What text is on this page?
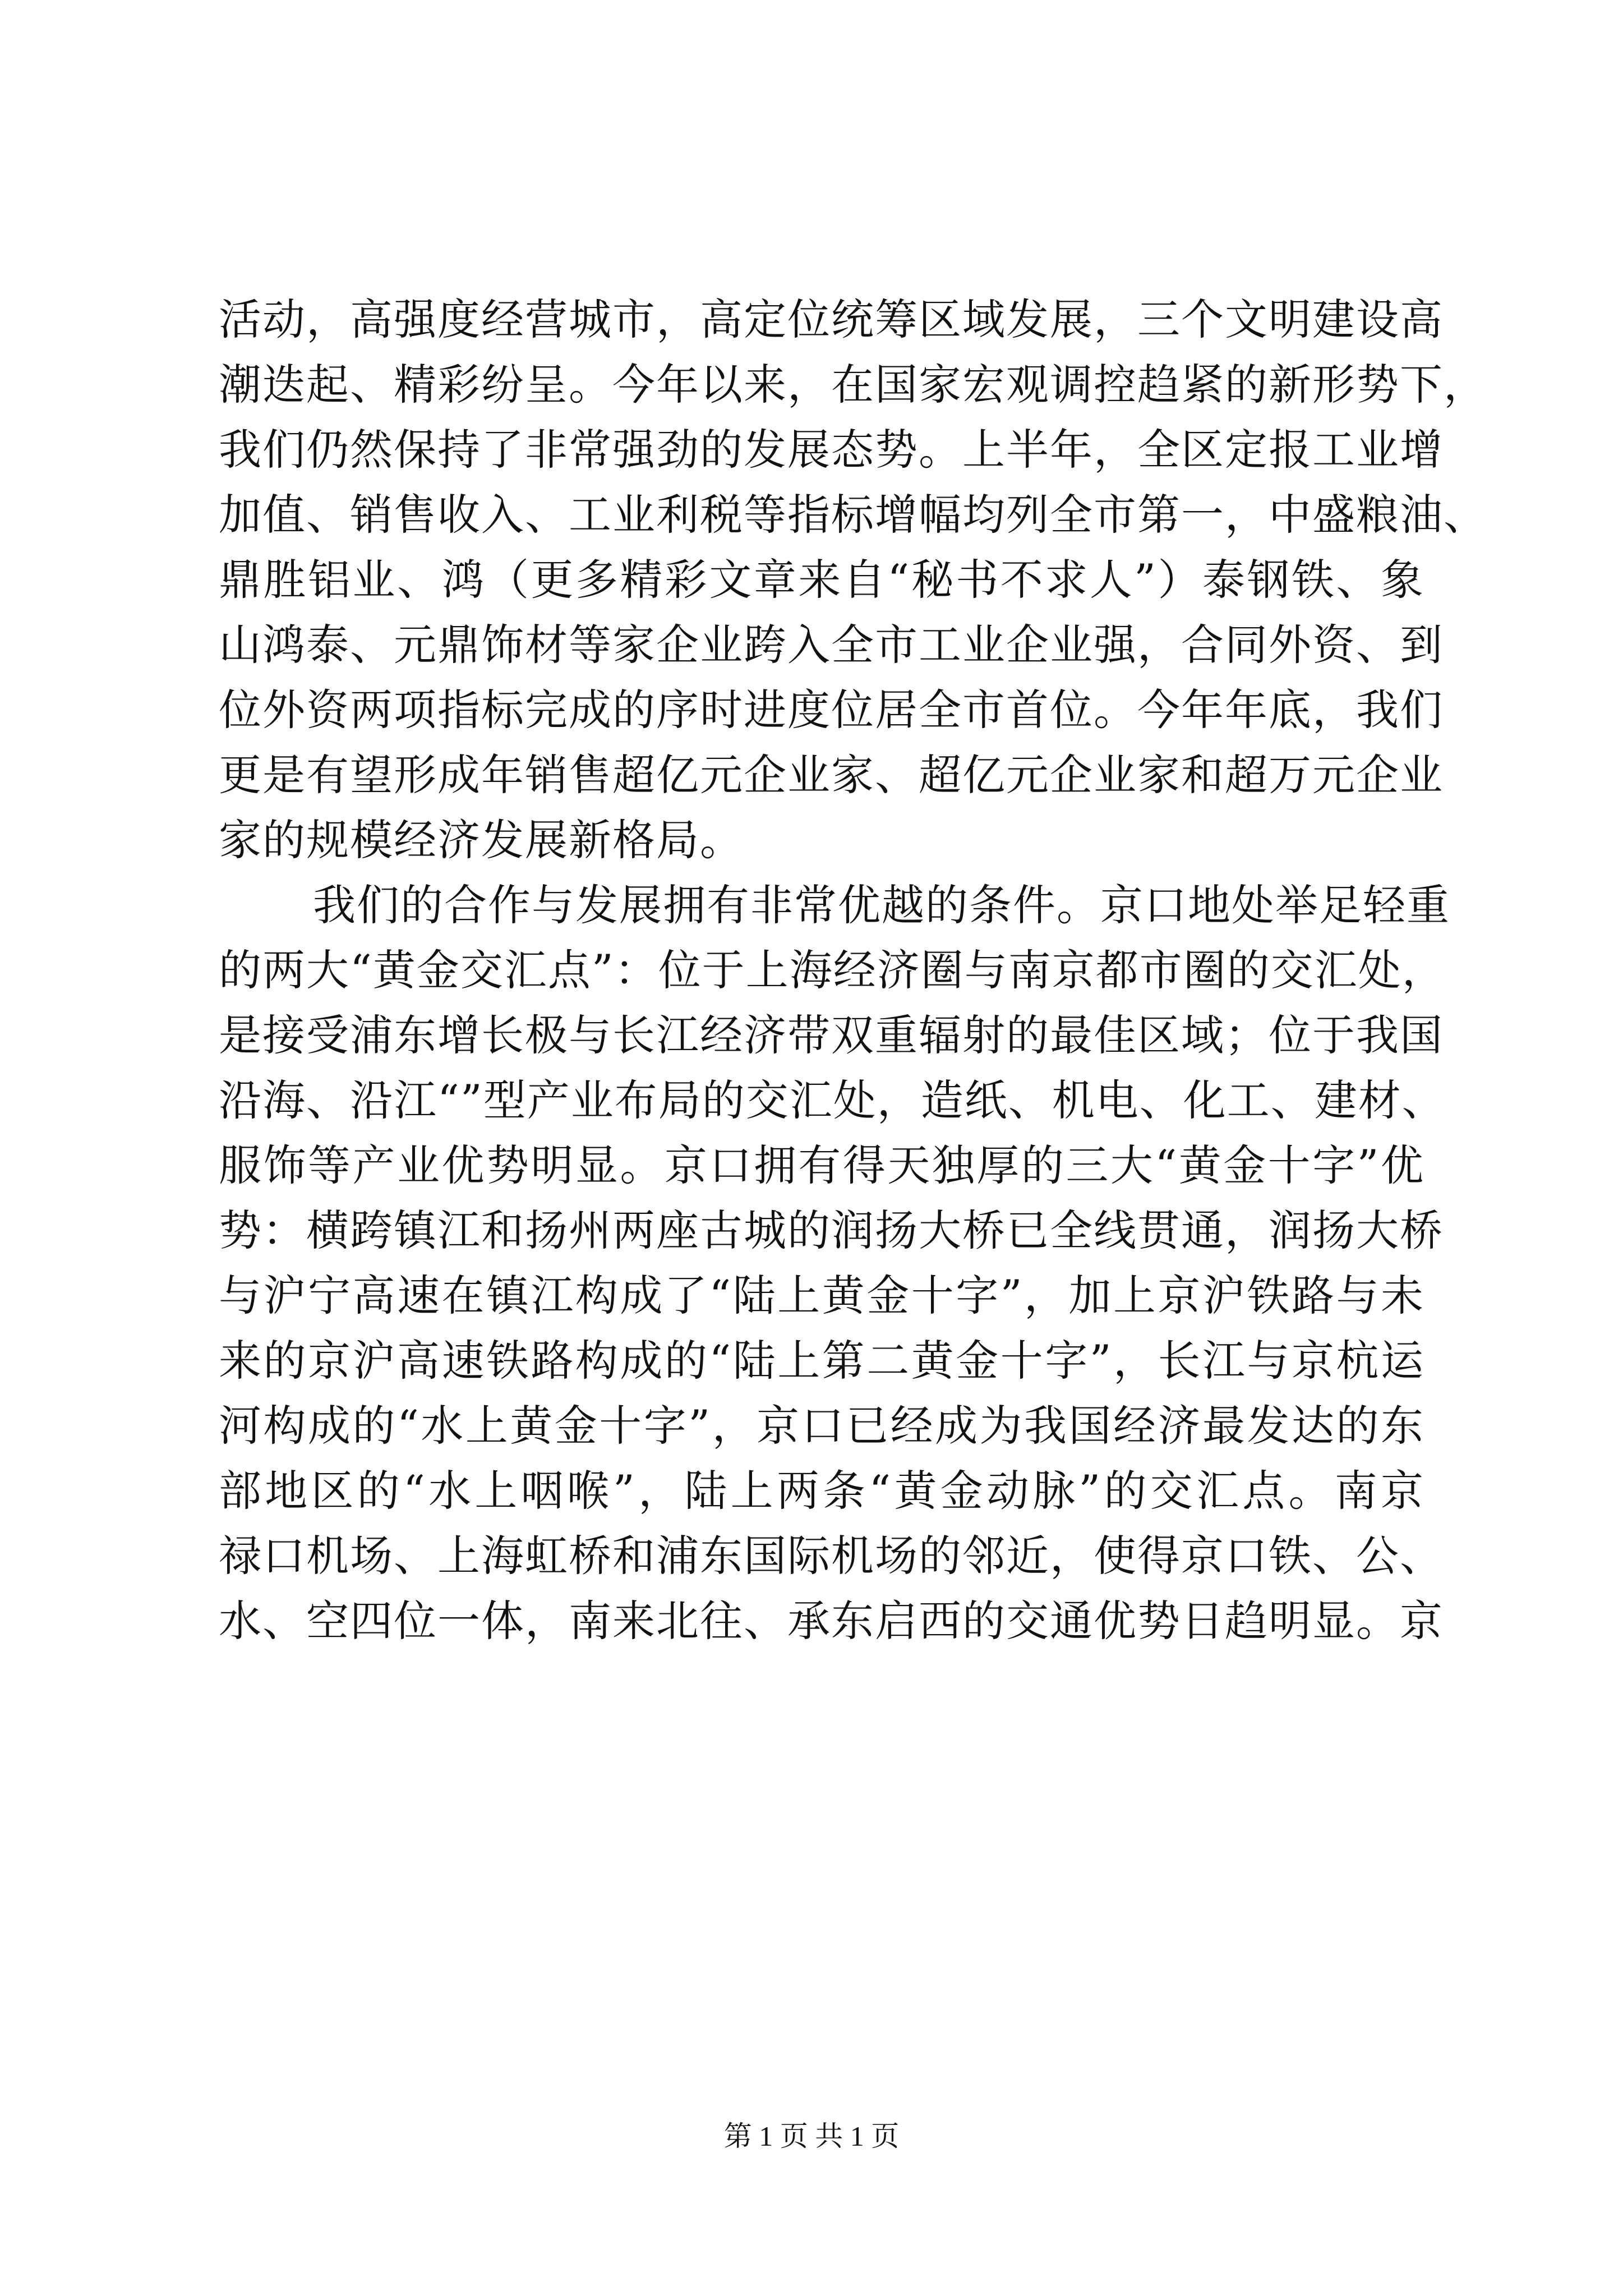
活动，高强度经营城市，高定位统筹区域发展，三个文明建设高
潮迭起、精彩纷呈。今年以来，在国家宏观调控趋紧的新形势下，
我们仍然保持了非常强劲的发展态势。上半年，全区定报工业增
加值、销售收入、工业利税等指标增幅均列全市第一，中盛粮油、
鼎胜铝业、鸿（更多精彩文章来自“秘书不求人”）泰钢铁、象
山鸿泰、元鼎饰材等家企业跨入全市工业企业强，合同外资、到
位外资两项指标完成的序时进度位居全市首位。今年年底，我们
更是有望形成年销售超亿元企业家、超亿元企业家和超万元企业
家的规模经济发展新格局。
我们的合作与发展拥有非常优越的条件。京口地处举足轻重
的两大“黄金交汇点”：位于上海经济圈与南京都市圈的交汇处，
是接受浦东增长极与长江经济带双重辐射的最佳区域；位于我国
沿海、沿江“”型产业布局的交汇处，造纸、机电、化工、建材、
服饰等产业优势明显。京口拥有得天独厚的三大“黄金十字”优
势：横跨镇江和扬州两座古城的润扬大桥已全线贯通，润扬大桥
与沪宁高速在镇江构成了“陆上黄金十字”，加上京沪铁路与未
来的京沪高速铁路构成的“陆上第二黄金十字”，长江与京杭运
河构成的“水上黄金十字”，京口已经成为我国经济最发达的东
部地区的“水上咽喉”，陆上两条“黄金动脉”的交汇点。南京
禄口机场、上海虹桥和浦东国际机场的邻近，使得京口铁、公、
水、空四位一体，南来北往、承东启西的交通优势日趋明显。京
第 1 页 共 1 页
